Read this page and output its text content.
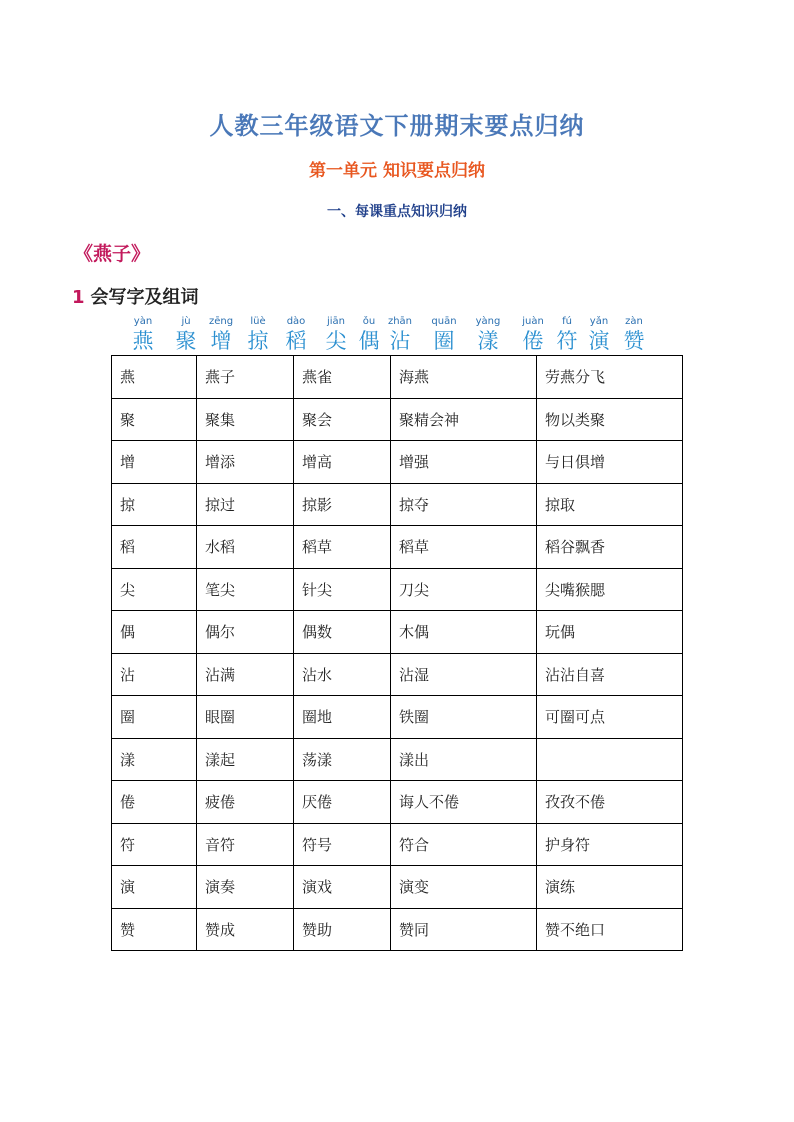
人教三年级语文下册期末要点归纳
第一单元 知识要点归纳
一、每课重点知识归纳
《燕子》
1 会写字及组词
yàn
燕
jù
聚
zēng
增
lüè
掠
dào
稻
jiān
尖
ǒu
偶
zhān
沾
quān
圈
yàng
漾
juàn
倦
fú
符
yǎn
演
zàn
赞
燕	燕子	燕雀	海燕	劳燕分飞
聚	聚集	聚会	聚精会神	物以类聚
增	增添	增高	增强	与日俱增
掠	掠过	掠影	掠夺	掠取
稻	水稻	稻草	稻草	稻谷飘香
尖	笔尖	针尖	刀尖	尖嘴猴腮
偶	偶尔	偶数	木偶	玩偶
沾	沾满	沾水	沾湿	沾沾自喜
圈	眼圈	圈地	铁圈	可圈可点
漾	漾起	荡漾	漾出	
倦	疲倦	厌倦	诲人不倦	孜孜不倦
符	音符	符号	符合	护身符
演	演奏	演戏	演变	演练
赞	赞成	赞助	赞同	赞不绝口
